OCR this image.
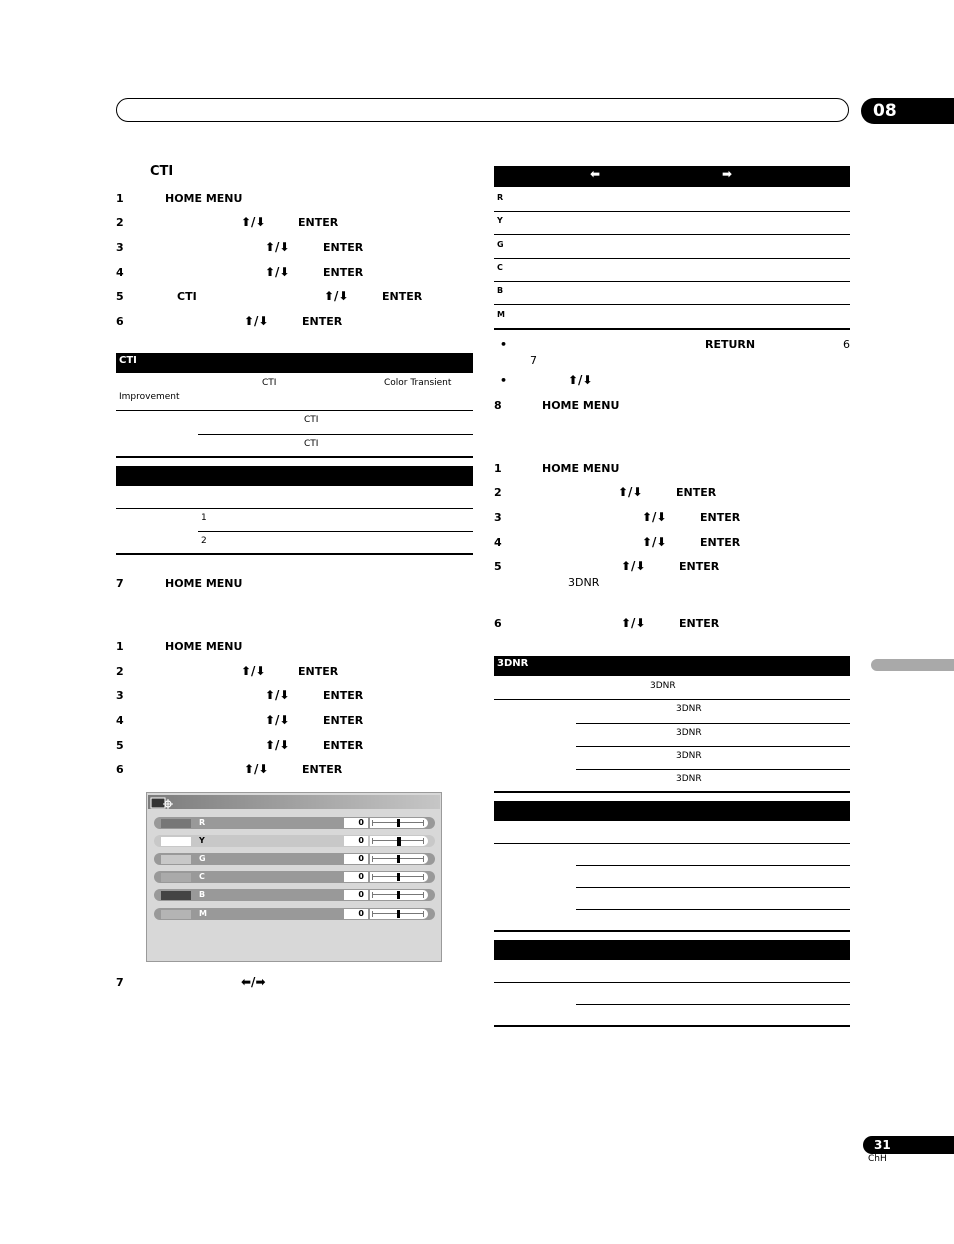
08
31
ChH
CTI
1	HOME MENU
2	⬆/⬇	ENTER
3	⬆/⬇	ENTER
4	⬆/⬇	ENTER
5	CTI	⬆/⬇	ENTER
6	⬆/⬇	ENTER
CTI
CTI	Color Transient
Improvement
CTI
CTI
1
2
7	HOME MENU
1	HOME MENU
2	⬆/⬇	ENTER
3	⬆/⬇	ENTER
4	⬆/⬇	ENTER
5	⬆/⬇	ENTER
6	⬆/⬇	ENTER
R	0
Y	0
G	0
C	0
B	0
M	0
7	⬅/➡
⬅	➡
R
Y
G
C
B
M
•	RETURN	6
7
•	⬆/⬇
8	HOME MENU
1	HOME MENU
2	⬆/⬇	ENTER
3	⬆/⬇	ENTER
4	⬆/⬇	ENTER
5	⬆/⬇	ENTER
6	⬆/⬇	ENTER
3DNR
3DNR
3DNR
3DNR
3DNR
3DNR
3DNR
